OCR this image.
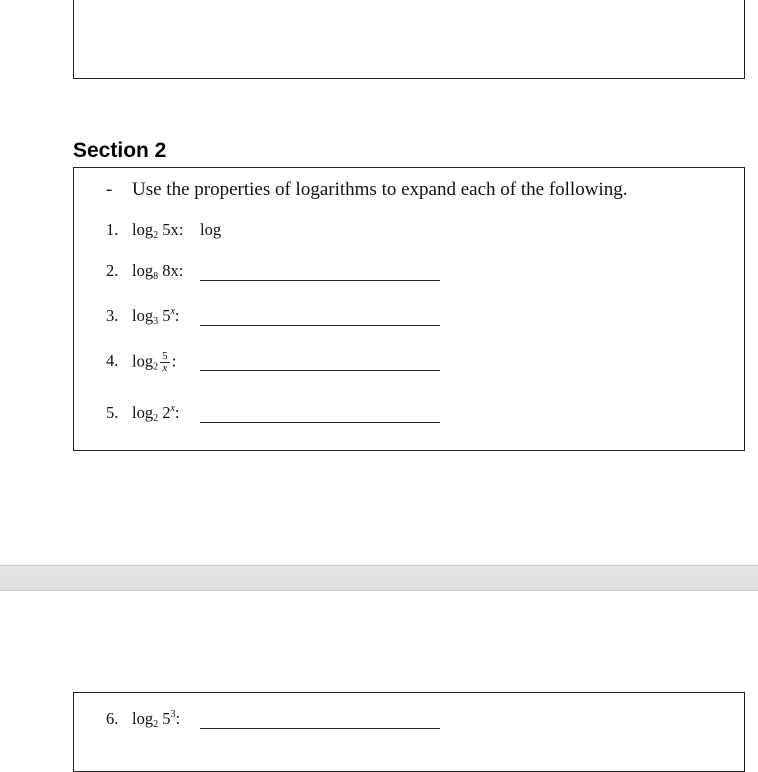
Section 2
- Use the properties of logarithms to expand each of the following.
1. $\log_2 5x$: log
2. $\log_8 8x$:
3. $\log_3 5^x$:
4. $\log_2 \frac{5}{x}$ :
5. $\log_2 2^x$:
6. $\log_2 5^3$:
